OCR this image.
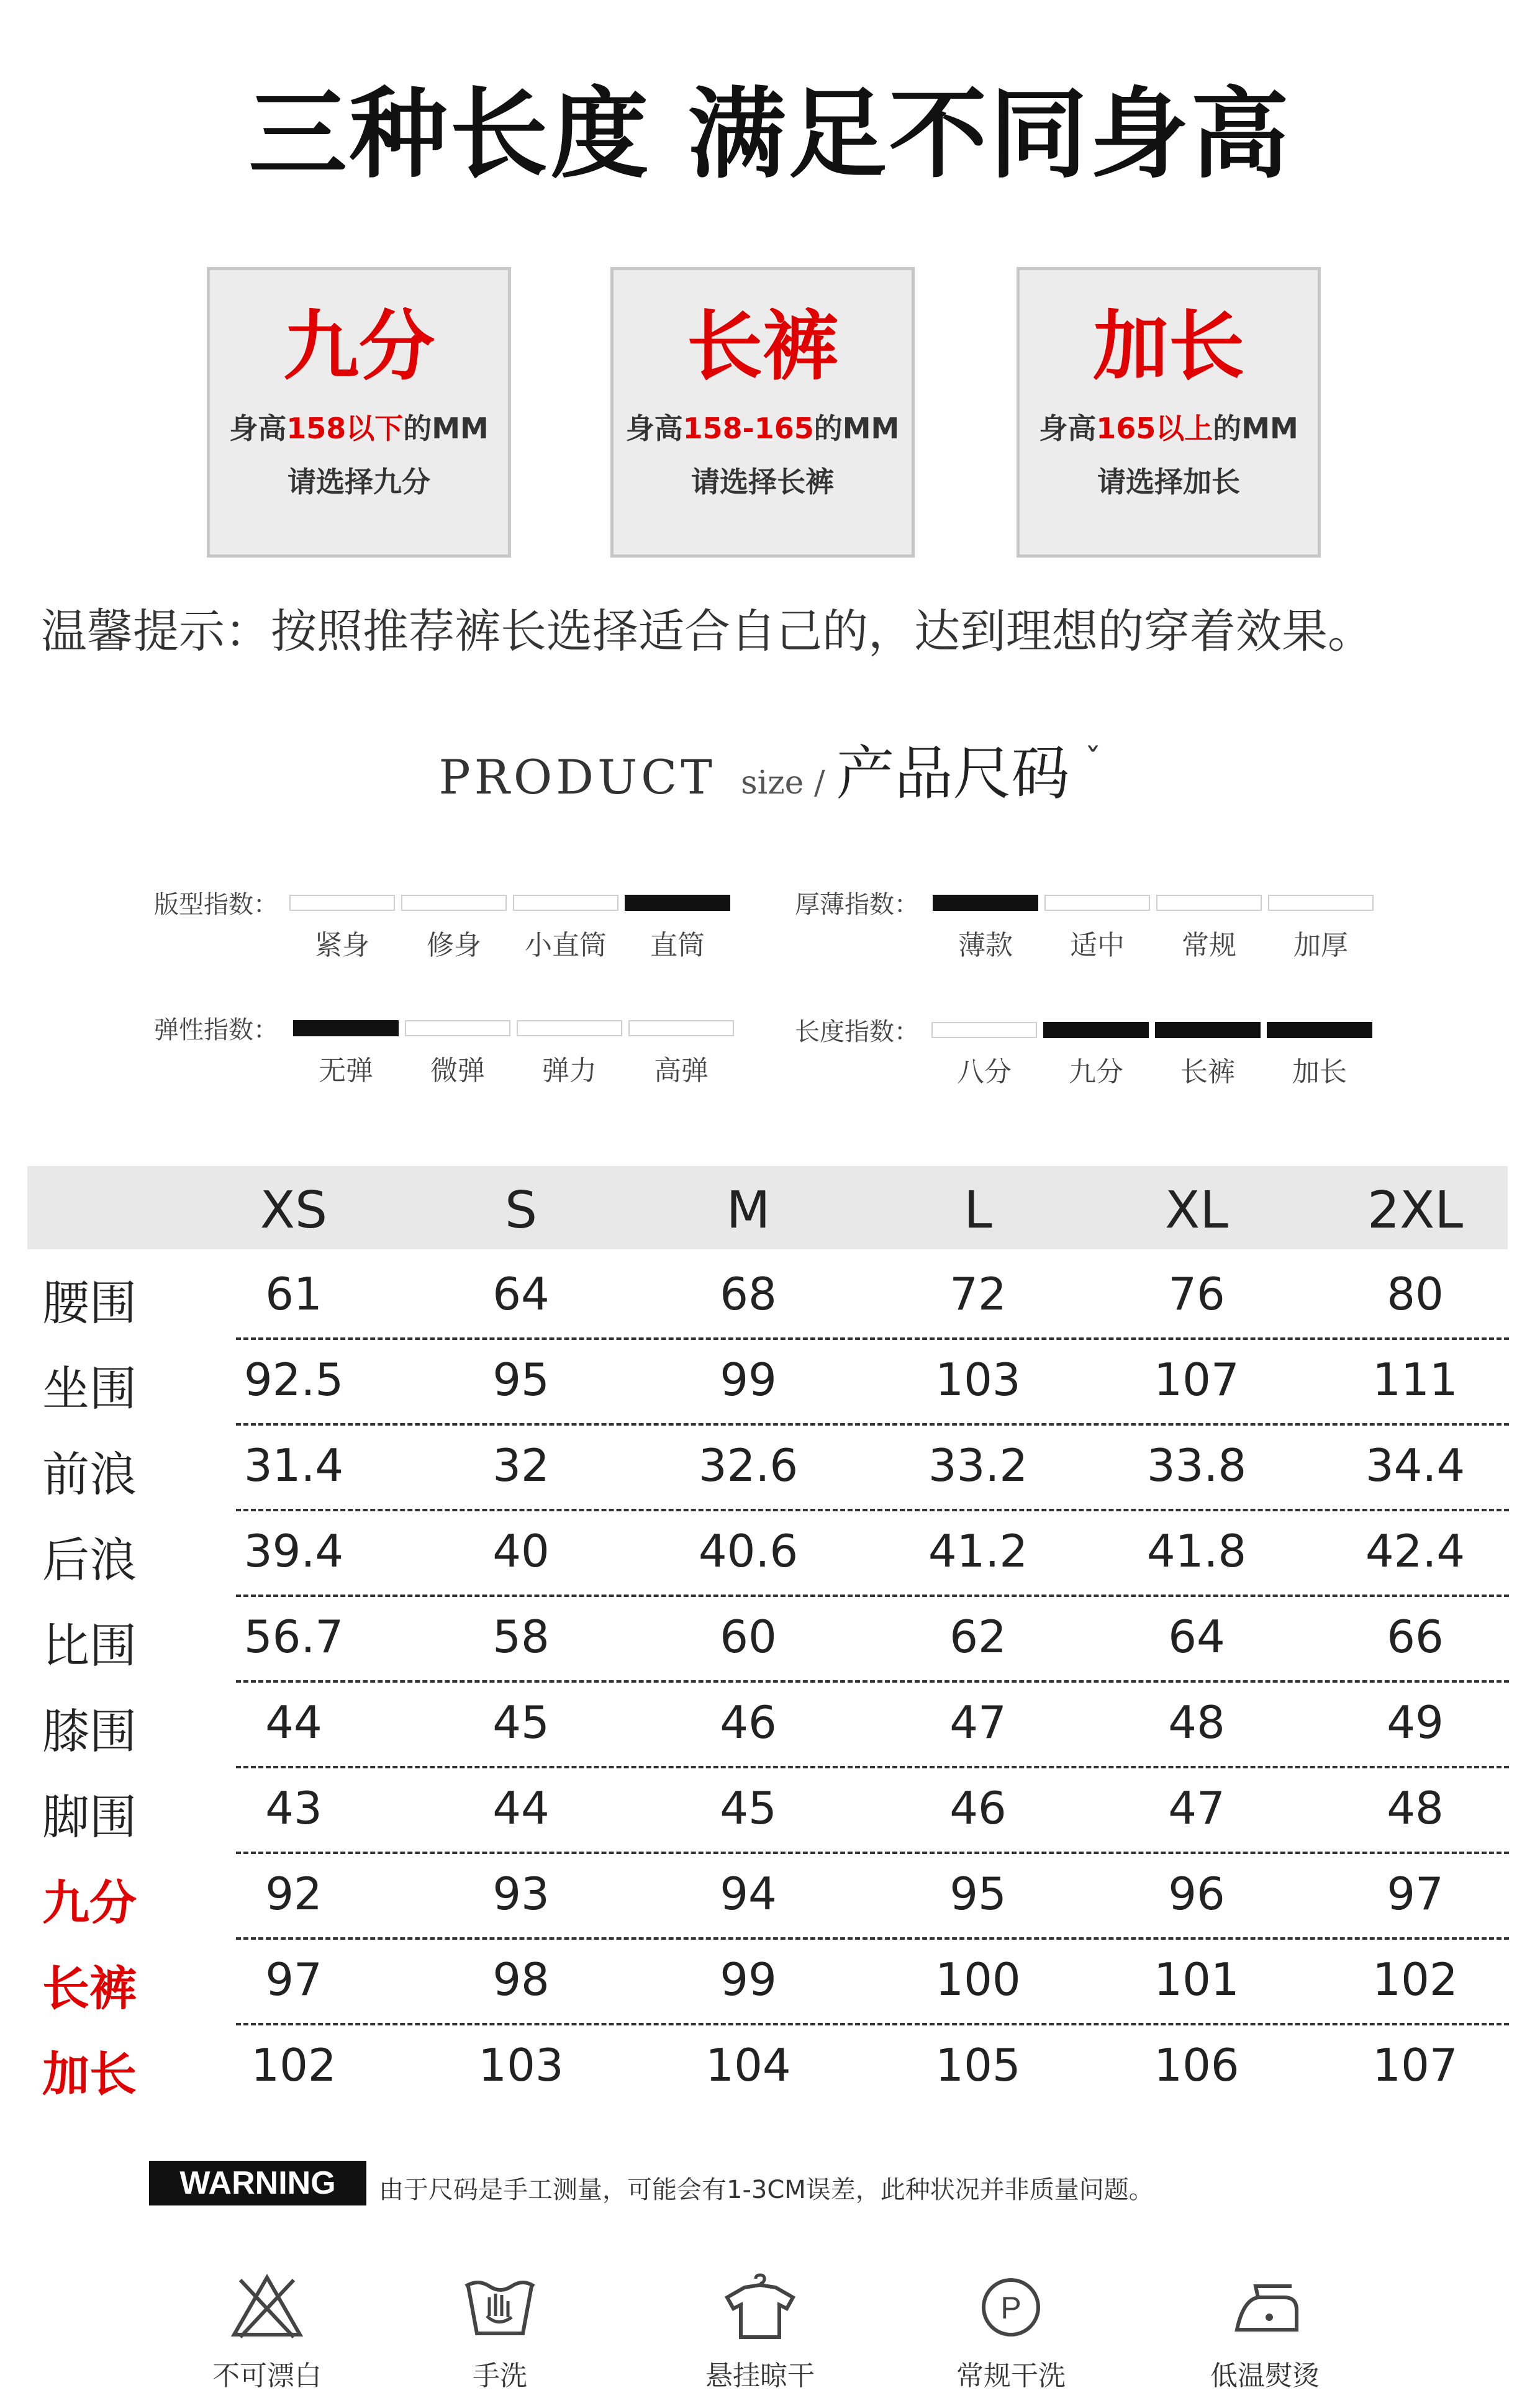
三种长度 满足不同身高
九分
身高158以下的MM
请选择九分
长裤
身高158-165的MM
请选择长裤
加长
身高165以上的MM
请选择加长
温馨提示：按照推荐裤长选择适合自己的，达到理想的穿着效果。
PRODUCT size / 产品尺码 ˇ
版型指数：
紧身	修身	小直筒	直筒
厚薄指数：
薄款	适中	常规	加厚
弹性指数：
无弹	微弹	弹力	高弹
长度指数：
八分	九分	长裤	加长
XS	S	M	L	XL	2XL
腰围	61	64	68	72	76	80
坐围	92.5	95	99	103	107	111
前浪	31.4	32	32.6	33.2	33.8	34.4
后浪	39.4	40	40.6	41.2	41.8	42.4
比围	56.7	58	60	62	64	66
膝围	44	45	46	47	48	49
脚围	43	44	45	46	47	48
九分	92	93	94	95	96	97
长裤	97	98	99	100	101	102
加长	102	103	104	105	106	107
WARNING	由于尺码是手工测量，可能会有1-3CM误差，此种状况并非质量问题。
不可漂白	手洗	悬挂晾干
P
常规干洗	低温熨烫
